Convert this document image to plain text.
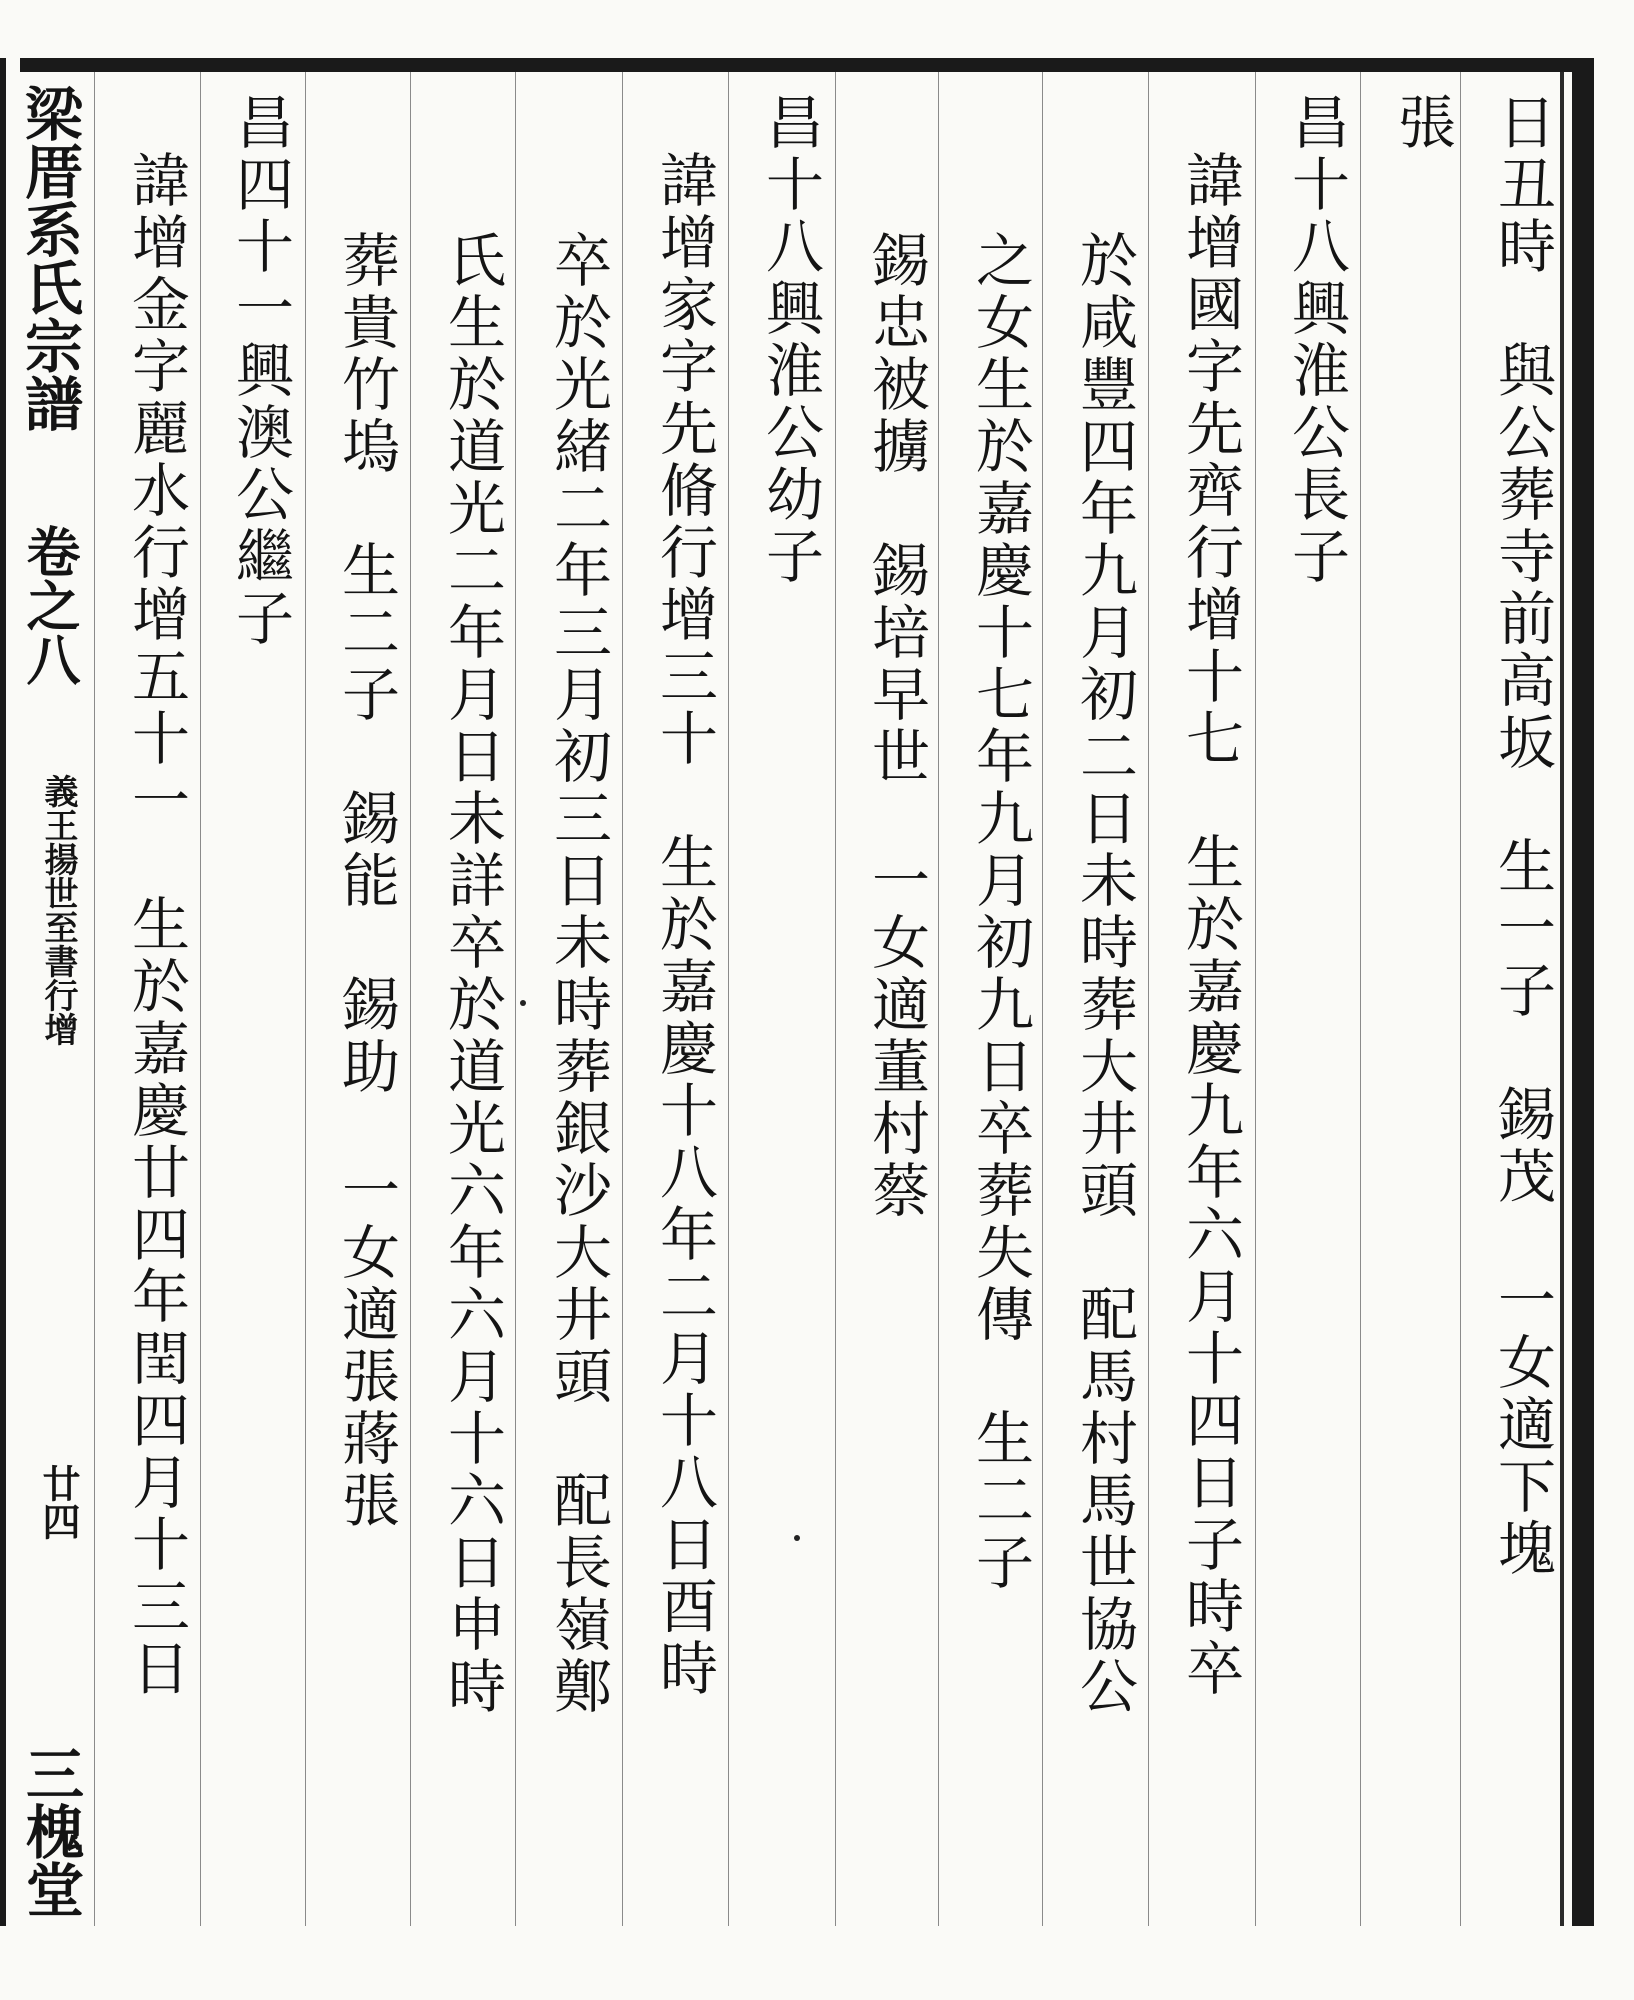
日丑時　與公葬寺前高坂　生一子　錫茂　一女適下塊
張
昌十八興淮公長子
諱增國字先齊行增十七　生於嘉慶九年六月十四日子時卒
於咸豐四年九月初二日未時葬大井頭　配馬村馬世協公
之女生於嘉慶十七年九月初九日卒葬失傳　生二子
錫忠被擄　錫培早世　一女適董村蔡
昌十八興淮公幼子
諱增家字先脩行增三十　生於嘉慶十八年二月十八日酉時
卒於光緒二年三月初三日未時葬銀沙大井頭　配長嶺鄭
氏生於道光二年月日未詳卒於道光六年六月十六日申時
葬貴竹塢　生二子　錫能　錫助　一女適張蔣張
昌四十一興澳公繼子
諱增金字麗水行增五十一　生於嘉慶廿四年閏四月十三日
梁厝系氏宗譜
卷之八
義王揚世至書行增
廿四
三槐堂
